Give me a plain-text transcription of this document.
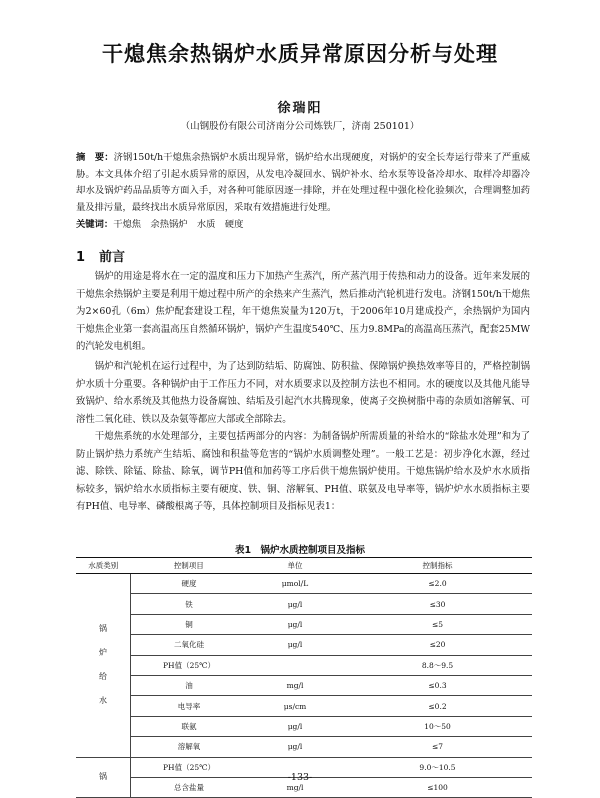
干熄焦余热锅炉水质异常原因分析与处理
徐瑞阳
（山钢股份有限公司济南分公司炼铁厂，济南 250101）
摘　要：济钢150t/h干熄焦余热锅炉水质出现异常，锅炉给水出现硬度，对锅炉的安全长寿运行带来了严重威胁。本文具体介绍了引起水质异常的原因，从发电冷凝回水、锅炉补水、给水泵等设备冷却水、取样冷却器冷却水及锅炉药品品质等方面入手，对各种可能原因逐一排除，并在处理过程中强化检化验频次，合理调整加药量及排污量，最终找出水质异常原因，采取有效措施进行处理。
关键词：干熄焦　余热锅炉　水质　硬度
1 前言
锅炉的用途是将水在一定的温度和压力下加热产生蒸汽，所产蒸汽用于传热和动力的设备。近年来发展的干熄焦余热锅炉主要是利用干熄过程中所产的余热来产生蒸汽，然后推动汽轮机进行发电。济钢150t/h干熄焦为2×60孔（6m）焦炉配套建设工程，年干熄焦炭量为120万t，于2006年10月建成投产，余热锅炉为国内干熄焦企业第一套高温高压自然循环锅炉，锅炉产生温度540℃、压力9.8MPa的高温高压蒸汽，配套25MW的汽轮发电机组。
锅炉和汽轮机在运行过程中，为了达到防结垢、防腐蚀、防积盐、保障锅炉换热效率等目的，严格控制锅炉水质十分重要。各种锅炉由于工作压力不同，对水质要求以及控制方法也不相同。水的硬度以及其他凡能导致锅炉、给水系统及其他热力设备腐蚀、结垢及引起汽水共腾现象，使离子交换树脂中毒的杂质如溶解氧、可溶性二氧化硅、铁以及杂氨等都应大部或全部除去。
干熄焦系统的水处理部分，主要包括两部分的内容：为制备锅炉所需质量的补给水的“除盐水处理”和为了防止锅炉热力系统产生结垢、腐蚀和积盐等危害的“锅炉水质调整处理”。一般工艺是：初步净化水源，经过滤、除铁、除锰、除盐、除氧，调节PH值和加药等工序后供干熄焦锅炉使用。干熄焦锅炉给水及炉水水质指标较多，锅炉给水水质指标主要有硬度、铁、铜、溶解氧、PH值、联氨及电导率等，锅炉炉水水质指标主要有PH值、电导率、磷酸根离子等，具体控制项目及指标见表1：
表1　锅炉水质控制项目及指标
水质类别	控制项目	单位	控制指标
锅
炉
给
水	硬度	μmol/L	≤2.0
	铁	μg/l	≤30
	铜	μg/l	≤5
	二氧化硅	μg/l	≤20
	PH值（25℃）		8.8～9.5
	油	mg/l	≤0.3
	电导率	μs/cm	≤0.2
	联氨	μg/l	10～50
	溶解氧	μg/l	≤7
锅	PH值（25℃）		9.0～10.5
	总含盐量	mg/l	≤100
-133-
